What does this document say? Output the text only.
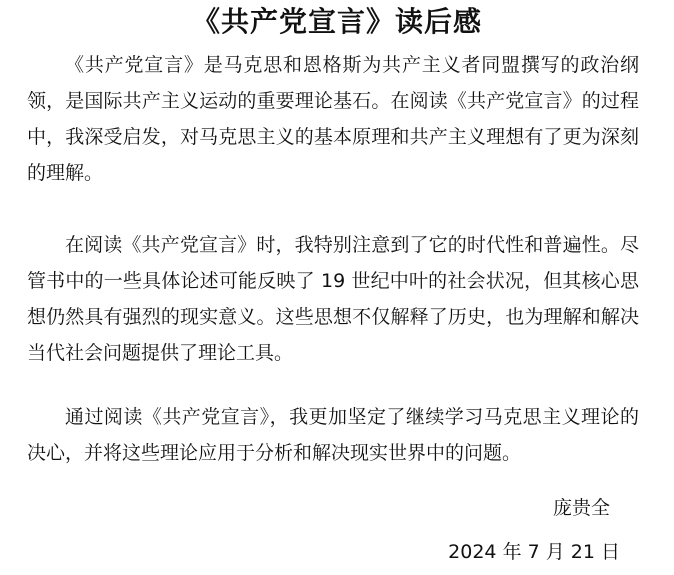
《共产党宣言》读后感
《共产党宣言》是马克思和恩格斯为共产主义者同盟撰写的政治纲领，是国际共产主义运动的重要理论基石。在阅读《共产党宣言》的过程中，我深受启发，对马克思主义的基本原理和共产主义理想有了更为深刻的理解。
在阅读《共产党宣言》时，我特别注意到了它的时代性和普遍性。尽管书中的一些具体论述可能反映了 19 世纪中叶的社会状况，但其核心思想仍然具有强烈的现实意义。这些思想不仅解释了历史，也为理解和解决当代社会问题提供了理论工具。
通过阅读《共产党宣言》，我更加坚定了继续学习马克思主义理论的决心，并将这些理论应用于分析和解决现实世界中的问题。
庞贵全
2024 年 7 月 21 日
